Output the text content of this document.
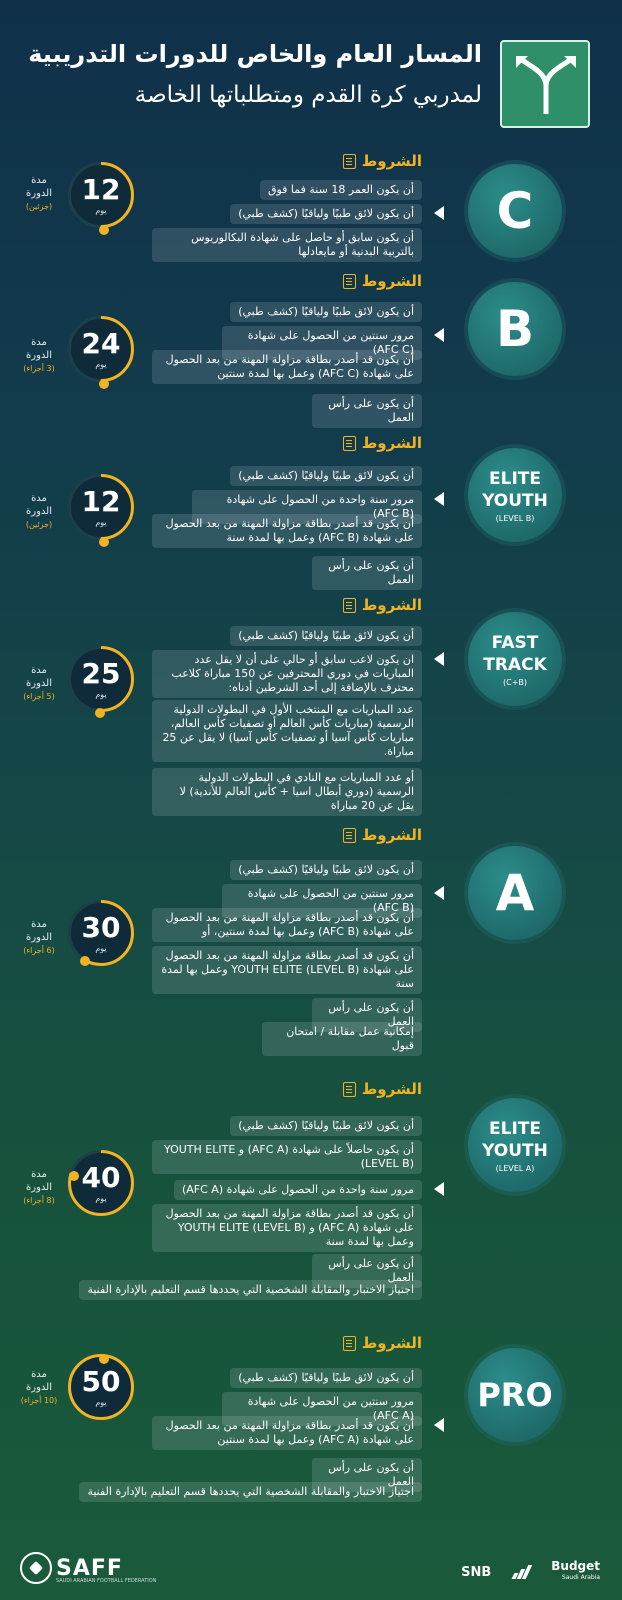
المسار العام والخاص للدورات التدريبية
لمدربي كرة القدم ومتطلباتها الخاصة
الشروط
أن يكون العمر 18 سنة فما فوق
أن يكون لائق طبيًا ولياقيًا (كشف طبي)
أن يكون سابق أو حاصل على شهادة البكالوريوس بالتربية البدنية أو مايعادلها
C
12
يوم
مدة
الدورة
(جزئين)
الشروط
أن يكون لائق طبيًا ولياقيًا (كشف طبي)
مرور سنتين من الحصول على شهادة (AFC C)
أن يكون قد أصدر بطاقة مزاولة المهنة من بعد الحصول على شهادة (AFC C) وعمل بها لمدة سنتين
أن يكون على رأس العمل
B
24
يوم
مدة
الدورة
(3 أجزاء)
الشروط
أن يكون لائق طبيًا ولياقيًا (كشف طبي)
مرور سنة واحدة من الحصول على شهادة (AFC B)
أن يكون قد أصدر بطاقة مزاولة المهنة من بعد الحصول على شهادة (AFC B) وعمل بها لمدة سنة
أن يكون على رأس العمل
ELITE
YOUTH
(LEVEL B)
12
يوم
مدة
الدورة
(جزئين)
الشروط
أن يكون لائق طبيًا ولياقيًا (كشف طبي)
ان يكون لاعب سابق أو حالي على أن لا يقل عدد المباريات في دوري المحترفين عن 150 مباراة كلاعب محترف بالإضافة إلى أحد الشرطين أدناه:
عدد المباريات مع المنتخب الأول في البطولات الدولية الرسمية (مباريات كأس العالم أو تصفيات كأس العالم، مباريات كأس آسيا أو تصفيات كأس آسيا) لا يقل عن 25 مباراة.
أو عدد المباريات مع النادي في البطولات الدولية الرسمية (دوري أبطال اسيا + كأس العالم للأندية) لا يقل عن 20 مباراة
FAST
TRACK
(C+B)
25
يوم
مدة
الدورة
(5 أجزاء)
الشروط
أن يكون لائق طبيًا ولياقيًا (كشف طبي)
مرور سنتين من الحصول على شهادة (AFC B)
أن يكون قد أصدر بطاقة مزاولة المهنة من بعد الحصول على شهادة (AFC B) وعمل بها لمدة سنتين، أو
أن يكون قد أصدر بطاقة مزاولة المهنة من بعد الحصول على شهادة YOUTH ELITE (LEVEL B) وعمل بها لمدة سنة
أن يكون على رأس العمل
إمكانية عمل مقابلة / امتحان قبول
A
30
يوم
مدة
الدورة
(6 أجزاء)
الشروط
أن يكون لائق طبيًا ولياقيًا (كشف طبي)
أن يكون حاصلاً على شهادة (AFC A) و YOUTH ELITE (LEVEL B)
مرور سنة واحدة من الحصول على شهادة (AFC A)
أن يكون قد أصدر بطاقة مزاولة المهنة من بعد الحصول على شهادة (AFC A) و YOUTH ELITE (LEVEL B) وعمل بها لمدة سنة
أن يكون على رأس العمل
اجتياز الاختبار والمقابلة الشخصية التي يحددها قسم التعليم بالإدارة الفنية
ELITE
YOUTH
(LEVEL A)
40
يوم
مدة
الدورة
(8 أجزاء)
الشروط
أن يكون لائق طبيًا ولياقيًا (كشف طبي)
مرور سنتين من الحصول على شهادة (AFC A)
أن يكون قد أصدر بطاقة مزاولة المهنة من بعد الحصول على شهادة (AFC A) وعمل بها لمدة سنتين
أن يكون على رأس العمل
اجتياز الاختبار والمقابلة الشخصية التي يحددها قسم التعليم بالإدارة الفنية
PRO
50
يوم
مدة
الدورة
(10 أجزاء)
SAFF
SAUDI ARABIAN FOOTBALL FEDERATION
SNB	Budget
Saudi Arabia
